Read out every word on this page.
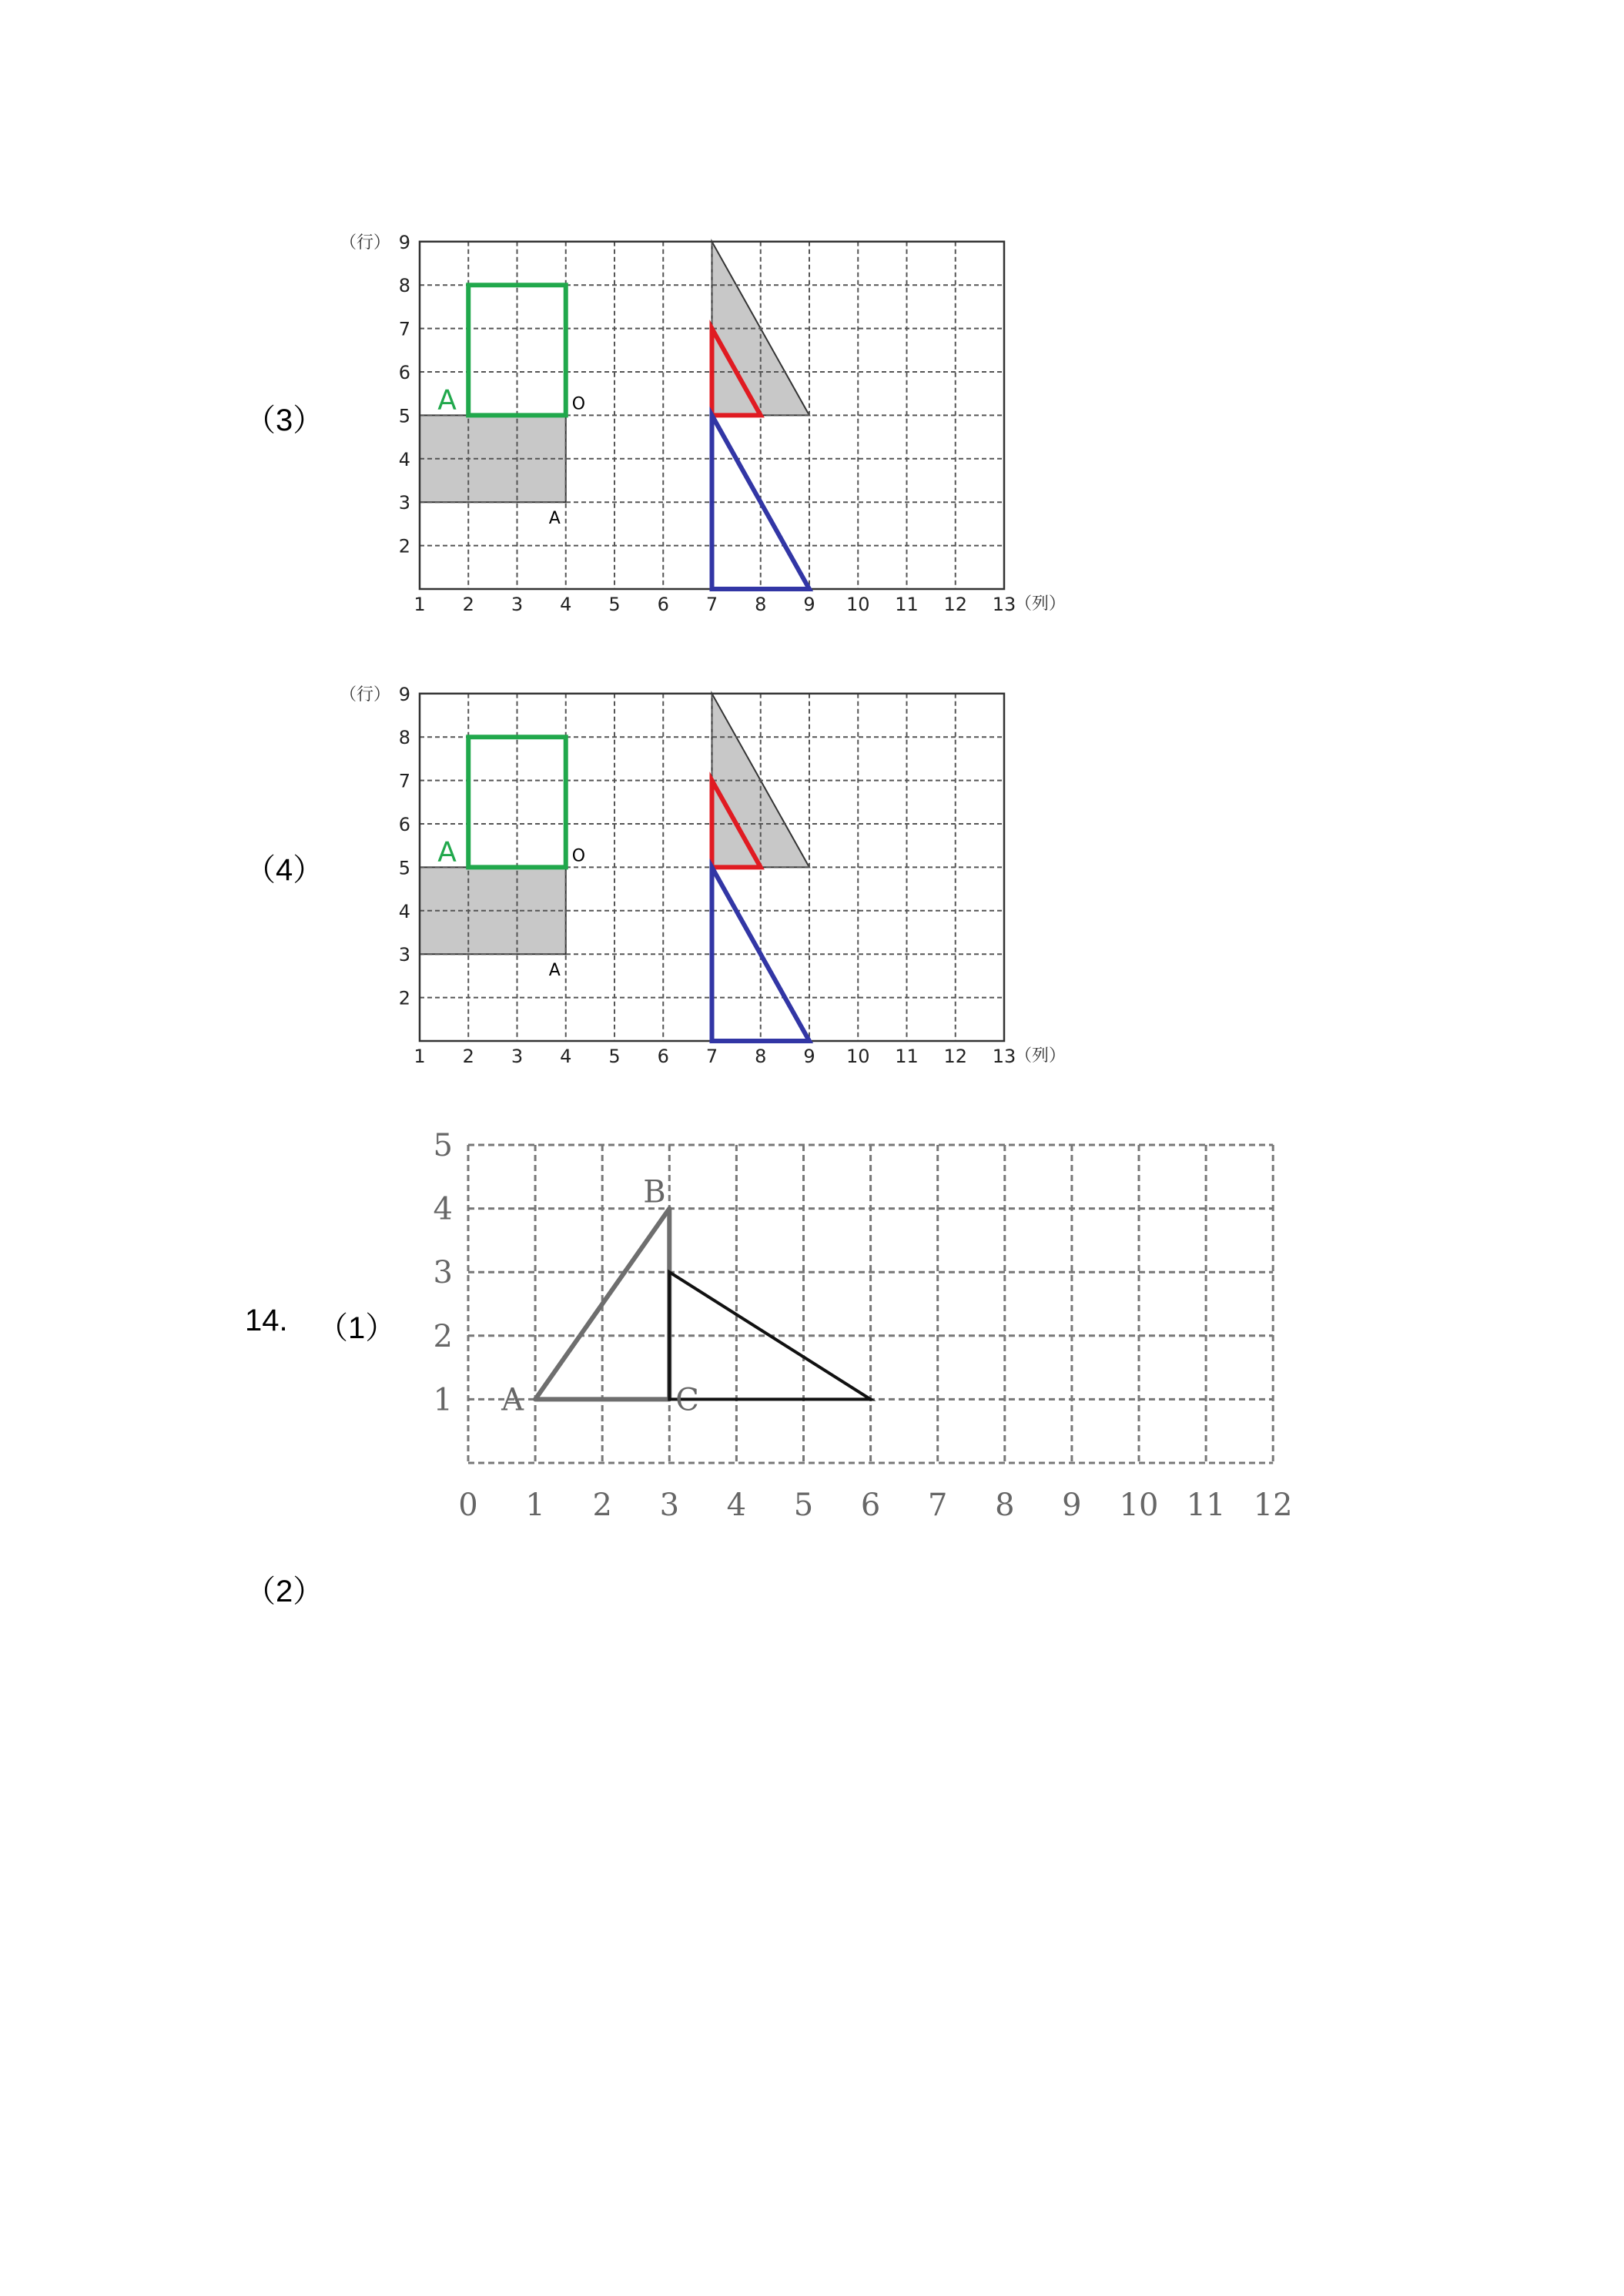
（3）
（4）
14. （1）
（2）
1 2 3 4 5 6 7 8 9 10 11 12 13
2
3
4
5
6
7
8
9
（行）
（列）
A	O
A
1 2 3 4 5 6 7 8 9 10 11 12 13
2
3
4
5
6
7
8
9
（行）
（列）
A	O
A
0 1 2 3 4 5 6 7 8 9 10 11 12
1
2
3
4
5
A
B
C
